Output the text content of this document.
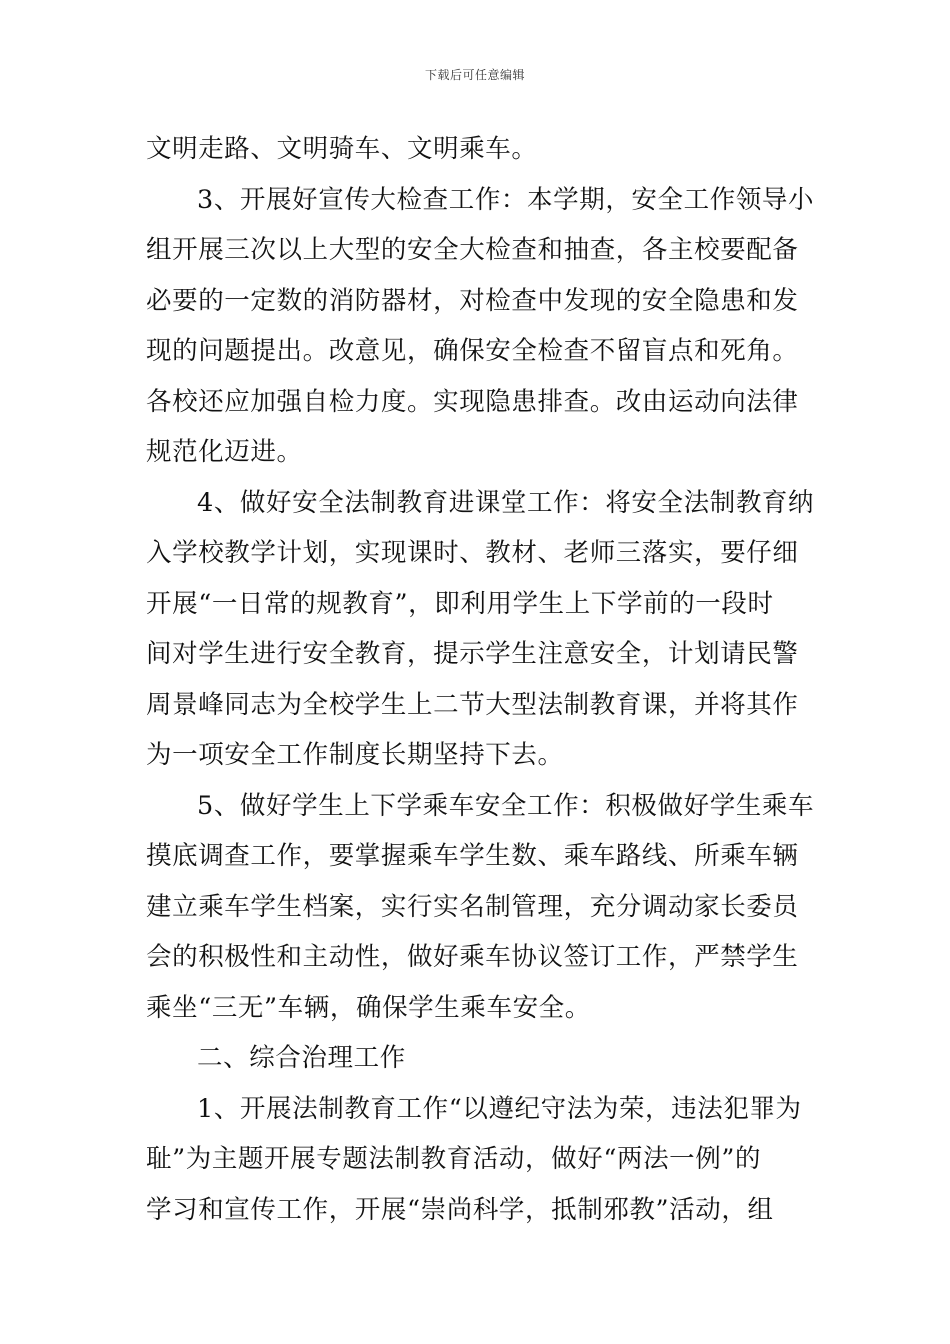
下载后可任意编辑
文明走路、文明骑车、文明乘车。
3、开展好宣传大检查工作：本学期，安全工作领导小
组开展三次以上大型的安全大检查和抽查，各主校要配备
必要的一定数的消防器材，对检查中发现的安全隐患和发
现的问题提出。改意见，确保安全检查不留盲点和死角。
各校还应加强自检力度。实现隐患排查。改由运动向法律
规范化迈进。
4、做好安全法制教育进课堂工作：将安全法制教育纳
入学校教学计划，实现课时、教材、老师三落实，要仔细
开展“一日常的规教育”，即利用学生上下学前的一段时
间对学生进行安全教育，提示学生注意安全，计划请民警
周景峰同志为全校学生上二节大型法制教育课，并将其作
为一项安全工作制度长期坚持下去。
5、做好学生上下学乘车安全工作：积极做好学生乘车
摸底调查工作，要掌握乘车学生数、乘车路线、所乘车辆
建立乘车学生档案，实行实名制管理，充分调动家长委员
会的积极性和主动性，做好乘车协议签订工作，严禁学生
乘坐“三无”车辆，确保学生乘车安全。
二、综合治理工作
1、开展法制教育工作“以遵纪守法为荣，违法犯罪为
耻”为主题开展专题法制教育活动，做好“两法一例”的
学习和宣传工作，开展“崇尚科学，抵制邪教”活动，组
